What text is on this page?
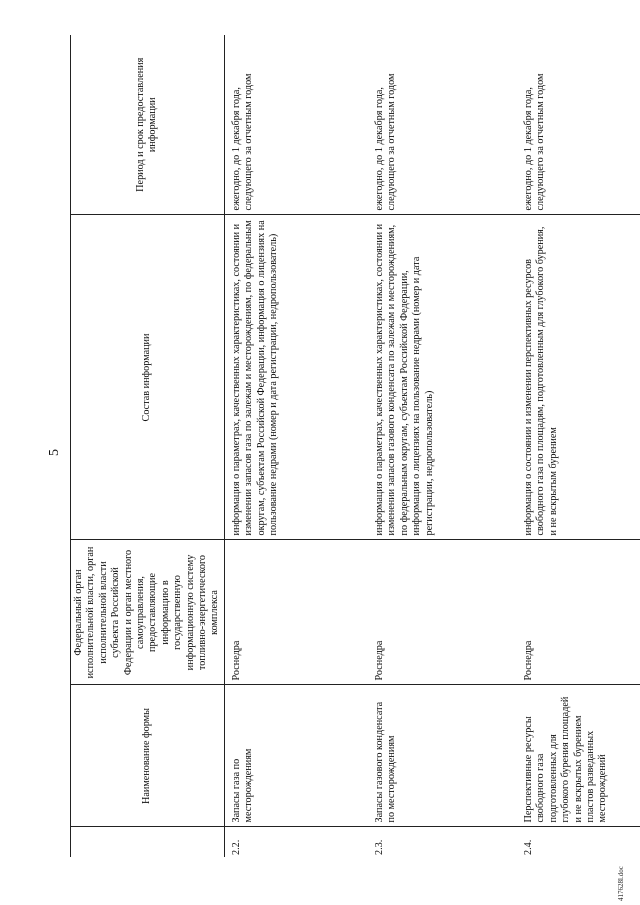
5
	Наименование формы	Федеральный орган исполнительной власти, орган исполнительной власти субъекта Российской Федерации и орган местного самоуправления, предоставляющие информацию в государственную информационную систему топливно-энергетического комплекса	Состав информации	Период и срок предоставления информации
2.2.	Запасы газа по месторождениям	Роснедра	информация о параметрах, качественных характеристиках, состоянии и изменении запасов газа по залежам и месторождениям, по федеральным округам, субъектам Российской Федерации, информация о лицензиях на пользование недрами (номер и дата регистрации, недропользователь)	ежегодно, до 1 декабря года, следующего за отчетным годом
2.3.	Запасы газового конденсата по месторождениям	Роснедра	информация о параметрах, качественных характеристиках, состоянии и изменении запасов газового конденсата по залежам и месторождениям, по федеральным округам, субъектам Российской Федерации, информация о лицензиях на пользование недрами (номер и дата регистрации, недропользователь)	ежегодно, до 1 декабря года, следующего за отчетным годом
2.4.	Перспективные ресурсы свободного газа подготовленных для глубокого бурения площадей и не вскрытых бурением пластов разведанных месторождений	Роснедра	информация о состоянии и изменении перспективных ресурсов свободного газа по площадям, подготовленным для глубокого бурения, и не вскрытым бурением	ежегодно, до 1 декабря года, следующего за отчетным годом
417628l.doc
